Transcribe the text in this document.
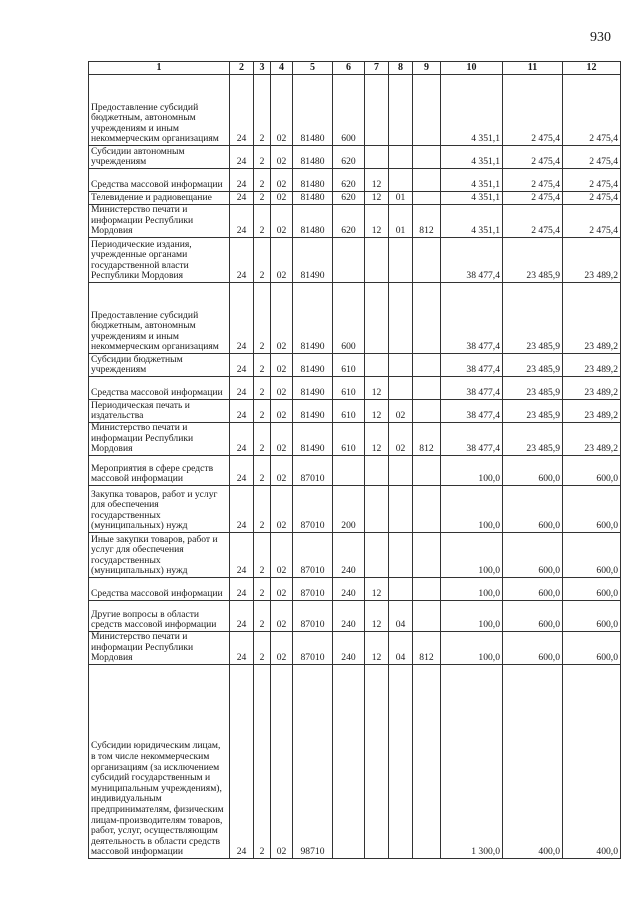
930
1	2	3	4	5	6	7	8	9	10	11	12
Предоставление субсидий бюджетным, автономным учреждениям и иным некоммерческим организациям	24	2	02	81480	600				4 351,1	2 475,4	2 475,4
Субсидии автономным учреждениям	24	2	02	81480	620				4 351,1	2 475,4	2 475,4
Средства массовой информации	24	2	02	81480	620	12			4 351,1	2 475,4	2 475,4
Телевидение и радиовещание	24	2	02	81480	620	12	01		4 351,1	2 475,4	2 475,4
Министерство печати и информации Республики Мордовия	24	2	02	81480	620	12	01	812	4 351,1	2 475,4	2 475,4
Периодические издания, учрежденные органами государственной власти Республики Мордовия	24	2	02	81490					38 477,4	23 485,9	23 489,2
Предоставление субсидий бюджетным, автономным учреждениям и иным некоммерческим организациям	24	2	02	81490	600				38 477,4	23 485,9	23 489,2
Субсидии бюджетным учреждениям	24	2	02	81490	610				38 477,4	23 485,9	23 489,2
Средства массовой информации	24	2	02	81490	610	12			38 477,4	23 485,9	23 489,2
Периодическая печать и издательства	24	2	02	81490	610	12	02		38 477,4	23 485,9	23 489,2
Министерство печати и информации Республики Мордовия	24	2	02	81490	610	12	02	812	38 477,4	23 485,9	23 489,2
Мероприятия в сфере средств массовой информации	24	2	02	87010					100,0	600,0	600,0
Закупка товаров, работ и услуг для обеспечения государственных (муниципальных) нужд	24	2	02	87010	200				100,0	600,0	600,0
Иные закупки товаров, работ и услуг для обеспечения государственных (муниципальных) нужд	24	2	02	87010	240				100,0	600,0	600,0
Средства массовой информации	24	2	02	87010	240	12			100,0	600,0	600,0
Другие вопросы в области средств массовой информации	24	2	02	87010	240	12	04		100,0	600,0	600,0
Министерство печати и информации Республики Мордовия	24	2	02	87010	240	12	04	812	100,0	600,0	600,0
Субсидии юридическим лицам, в том числе некоммерческим организациям (за исключением субсидий государственным и муниципальным учреждениям), индивидуальным предпринимателям, физическим лицам-производителям товаров, работ, услуг, осуществляющим деятельность в области средств массовой информации	24	2	02	98710					1 300,0	400,0	400,0
